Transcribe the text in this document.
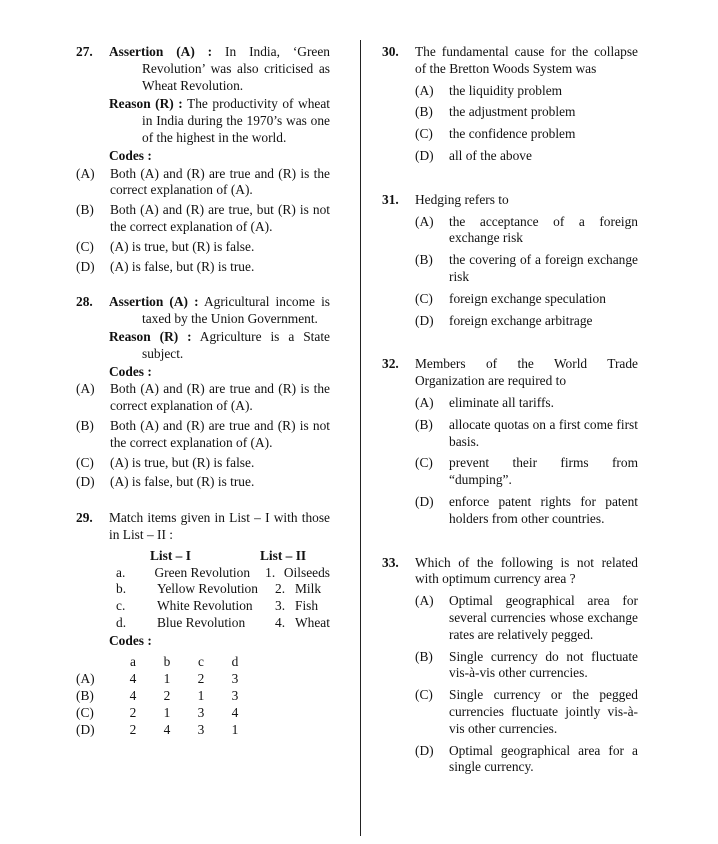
27. Assertion (A) : In India, ‘Green Revolution’ was also criticised as Wheat Revolution.
Reason (R) : The productivity of wheat in India during the 1970’s was one of the highest in the world.
Codes :
(A) Both (A) and (R) are true and (R) is the correct explanation of (A).
(B) Both (A) and (R) are true, but (R) is not the correct explanation of (A).
(C) (A) is true, but (R) is false.
(D) (A) is false, but (R) is true.
28. Assertion (A) : Agricultural income is taxed by the Union Government.
Reason (R) : Agriculture is a State subject.
Codes :
(A) Both (A) and (R) are true and (R) is the correct explanation of (A).
(B) Both (A) and (R) are true and (R) is not the correct explanation of (A).
(C) (A) is true, but (R) is false.
(D) (A) is false, but (R) is true.
29. Match items given in List – I with those in List – II :
List – I	List – II
a.	Green Revolution	1. Oilseeds
b.	Yellow Revolution	2. Milk
c.	White Revolution	3. Fish
d.	Blue Revolution	4. Wheat
Codes :
	a	b	c	d
(A)	4	1	2	3
(B)	4	2	1	3
(C)	2	1	3	4
(D)	2	4	3	1
30. The fundamental cause for the collapse of the Bretton Woods System was
(A) the liquidity problem
(B) the adjustment problem
(C) the confidence problem
(D) all of the above
31. Hedging refers to
(A) the acceptance of a foreign exchange risk
(B) the covering of a foreign exchange risk
(C) foreign exchange speculation
(D) foreign exchange arbitrage
32. Members of the World Trade Organization are required to
(A) eliminate all tariffs.
(B) allocate quotas on a first come first basis.
(C) prevent their firms from “dumping”.
(D) enforce patent rights for patent holders from other countries.
33. Which of the following is not related with optimum currency area ?
(A) Optimal geographical area for several currencies whose exchange rates are relatively pegged.
(B) Single currency do not fluctuate vis-à-vis other currencies.
(C) Single currency or the pegged currencies fluctuate jointly vis-à-vis other currencies.
(D) Optimal geographical area for a single currency.
